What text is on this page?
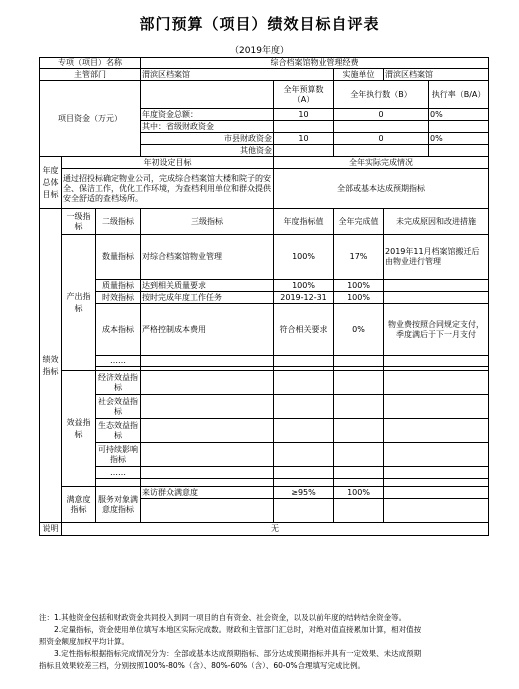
部门预算（项目）绩效目标自评表
（2019年度）
专项（项目）名称			综合档案馆物业管理经费				
主管部门			渭滨区档案馆		实施单位	渭滨区档案馆	
项目资金（万元）				全年预算数（A）	全年执行数（B）		执行率（B/A）
			年度资金总额：	10	0		0%
			其中：省级财政资金				
			市县财政资金	10	0		0%
			其他资金				
年度总体目标	年初设定目标			全年实际完成情况			
	通过招投标确定物业公司，完成综合档案馆大楼和院子的安全、保洁工作，优化工作环境，为查档利用单位和群众提供安全舒适的查档场所。			全部或基本达成预期指标			
绩效指标	一级指标	二级指标	三级指标	年度指标值	全年完成值	未完成原因和改进措施	
	产出指标	数量指标	对综合档案馆物业管理	100%	17%	2019年11月档案馆搬迁后由物业进行管理	
		质量指标	达到相关质量要求	100%	100%		
		时效指标	按时完成年度工作任务	2019-12-31	100%		
		成本指标	严格控制成本费用	符合相关要求	0%	物业费按照合同规定支付，季度满后于下一月支付	
		……					

	效益指标	经济效益指标					
		社会效益指标					
		生态效益指标					
		可持续影响指标					
		……					

	满意度指标	服务对象满意度指标	来访群众满意度	≥95%	100%		

说明	无						
注：1.其他资金包括和财政资金共同投入到同一项目的自有资金、社会资金，以及以前年度的结转结余资金等。
　　2.定量指标，资金使用单位填写本地区实际完成数。财政和主管部门汇总时，对绝对值直接累加计算，相对值按
照资金额度加权平均计算。
　　3.定性指标根据指标完成情况分为：全部或基本达成预期指标、部分达成预期指标并具有一定效果、未达成预期
指标且效果较差三档，分别按照100%-80%（含）、80%-60%（含）、60-0%合理填写完成比例。
